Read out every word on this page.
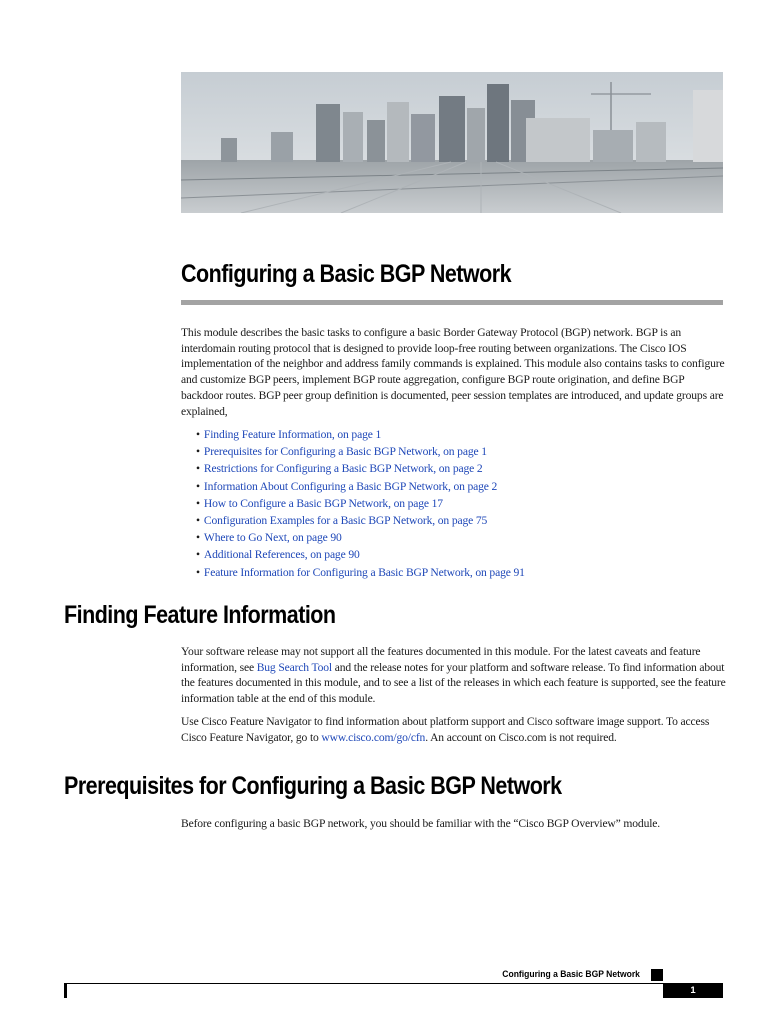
Configuring a Basic BGP Network

This module describes the basic tasks to configure a basic Border Gateway Protocol (BGP) network. BGP is an interdomain routing protocol that is designed to provide loop-free routing between organizations. The Cisco IOS implementation of the neighbor and address family commands is explained. This module also contains tasks to configure and customize BGP peers, implement BGP route aggregation, configure BGP route origination, and define BGP backdoor routes. BGP peer group definition is documented, peer session templates are introduced, and update groups are explained,

• Finding Feature Information, on page 1
• Prerequisites for Configuring a Basic BGP Network, on page 1
• Restrictions for Configuring a Basic BGP Network, on page 2
• Information About Configuring a Basic BGP Network, on page 2
• How to Configure a Basic BGP Network, on page 17
• Configuration Examples for a Basic BGP Network, on page 75
• Where to Go Next, on page 90
• Additional References, on page 90
• Feature Information for Configuring a Basic BGP Network, on page 91
Finding Feature Information

Your software release may not support all the features documented in this module. For the latest caveats and feature information, see Bug Search Tool and the release notes for your platform and software release. To find information about the features documented in this module, and to see a list of the releases in which each feature is supported, see the feature information table at the end of this module.

Use Cisco Feature Navigator to find information about platform support and Cisco software image support. To access Cisco Feature Navigator, go to www.cisco.com/go/cfn. An account on Cisco.com is not required.

Prerequisites for Configuring a Basic BGP Network

Before configuring a basic BGP network, you should be familiar with the “Cisco BGP Overview” module.

Configuring a Basic BGP Network
1
